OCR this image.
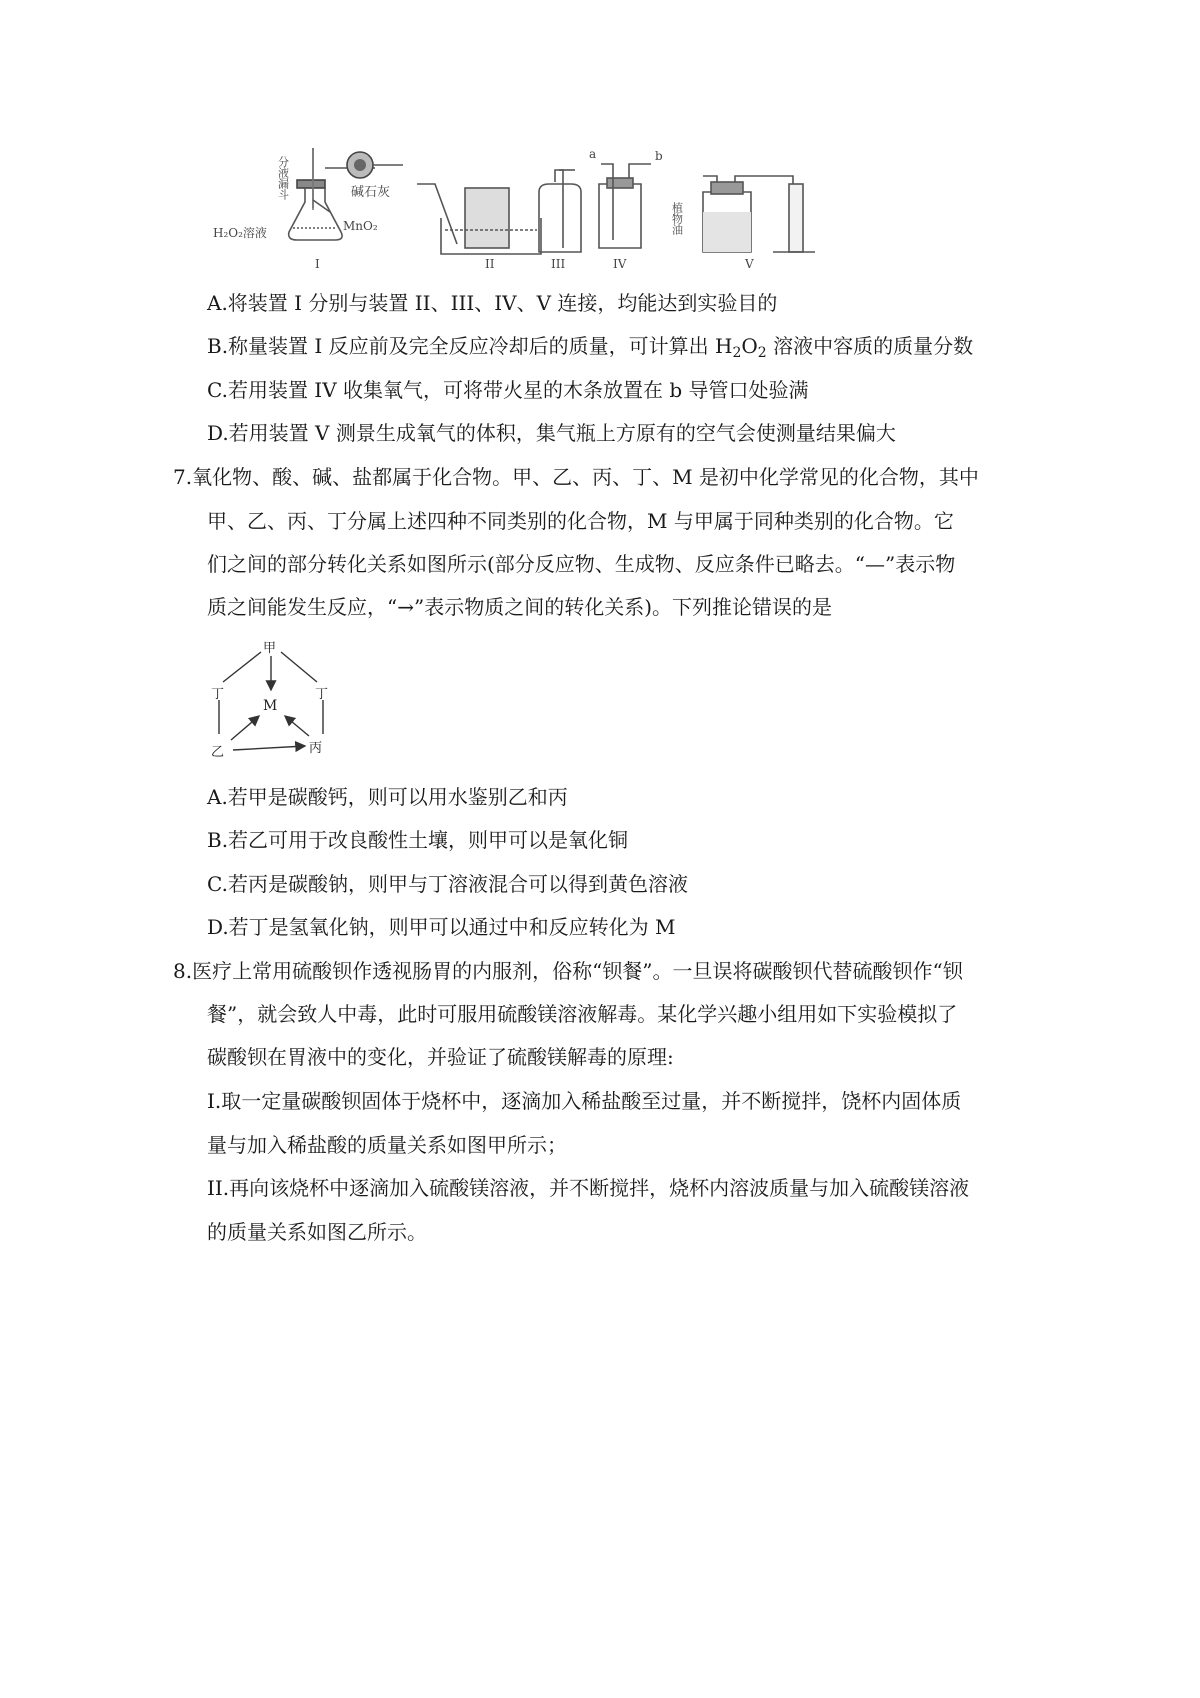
分液漏斗	碱石灰
MnO₂
H₂O₂溶液
I	II	III
a	b
IV
植物油
V
A.将装置 I 分别与装置 II、III、IV、V 连接，均能达到实验目的
B.称量装置 I 反应前及完全反应冷却后的质量，可计算出 $H_2O_2$ 溶液中容质的质量分数
C.若用装置 IV 收集氧气，可将带火星的木条放置在 b 导管口处验满
D.若用装置 V 测景生成氧气的体积，集气瓶上方原有的空气会使测量结果偏大
7.氧化物、酸、碱、盐都属于化合物。甲、乙、丙、丁、M 是初中化学常见的化合物，其中
甲、乙、丙、丁分属上述四种不同类别的化合物，M 与甲属于同种类别的化合物。它
们之间的部分转化关系如图所示(部分反应物、生成物、反应条件已略去。“—”表示物
质之间能发生反应，“→”表示物质之间的转化关系)。下列推论错误的是
甲
丁	丁
M
乙	丙
A.若甲是碳酸钙，则可以用水鉴别乙和丙
B.若乙可用于改良酸性土壤，则甲可以是氧化铜
C.若丙是碳酸钠，则甲与丁溶液混合可以得到黄色溶液
D.若丁是氢氧化钠，则甲可以通过中和反应转化为 M
8.医疗上常用硫酸钡作透视肠胃的内服剂，俗称“钡餐”。一旦误将碳酸钡代替硫酸钡作“钡
餐”，就会致人中毒，此时可服用硫酸镁溶液解毒。某化学兴趣小组用如下实验模拟了
碳酸钡在胃液中的变化，并验证了硫酸镁解毒的原理:
I.取一定量碳酸钡固体于烧杯中，逐滴加入稀盐酸至过量，并不断搅拌，饶杯内固体质
量与加入稀盐酸的质量关系如图甲所示；
II.再向该烧杯中逐滴加入硫酸镁溶液，并不断搅拌，烧杯内溶波质量与加入硫酸镁溶液
的质量关系如图乙所示。
